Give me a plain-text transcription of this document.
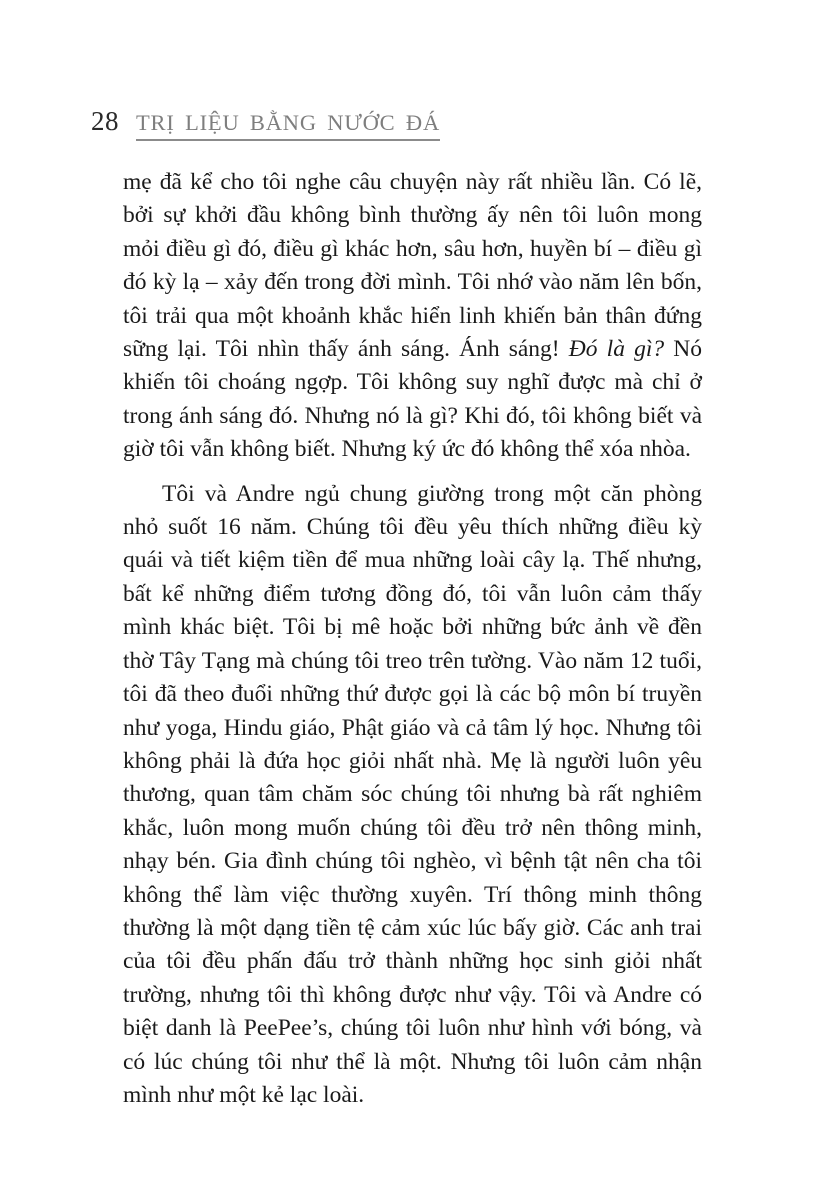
28 TRỊ LIỆU BẰNG NƯỚC ĐÁ

mẹ đã kể cho tôi nghe câu chuyện này rất nhiều lần. Có lẽ, bởi sự khởi đầu không bình thường ấy nên tôi luôn mong mỏi điều gì đó, điều gì khác hơn, sâu hơn, huyền bí – điều gì đó kỳ lạ – xảy đến trong đời mình. Tôi nhớ vào năm lên bốn, tôi trải qua một khoảnh khắc hiển linh khiến bản thân đứng sững lại. Tôi nhìn thấy ánh sáng. Ánh sáng! Đó là gì? Nó khiến tôi choáng ngợp. Tôi không suy nghĩ được mà chỉ ở trong ánh sáng đó. Nhưng nó là gì? Khi đó, tôi không biết và giờ tôi vẫn không biết. Nhưng ký ức đó không thể xóa nhòa.

Tôi và Andre ngủ chung giường trong một căn phòng nhỏ suốt 16 năm. Chúng tôi đều yêu thích những điều kỳ quái và tiết kiệm tiền để mua những loài cây lạ. Thế nhưng, bất kể những điểm tương đồng đó, tôi vẫn luôn cảm thấy mình khác biệt. Tôi bị mê hoặc bởi những bức ảnh về đền thờ Tây Tạng mà chúng tôi treo trên tường. Vào năm 12 tuổi, tôi đã theo đuổi những thứ được gọi là các bộ môn bí truyền như yoga, Hindu giáo, Phật giáo và cả tâm lý học. Nhưng tôi không phải là đứa học giỏi nhất nhà. Mẹ là người luôn yêu thương, quan tâm chăm sóc chúng tôi nhưng bà rất nghiêm khắc, luôn mong muốn chúng tôi đều trở nên thông minh, nhạy bén. Gia đình chúng tôi nghèo, vì bệnh tật nên cha tôi không thể làm việc thường xuyên. Trí thông minh thông thường là một dạng tiền tệ cảm xúc lúc bấy giờ. Các anh trai của tôi đều phấn đấu trở thành những học sinh giỏi nhất trường, nhưng tôi thì không được như vậy. Tôi và Andre có biệt danh là PeePee’s, chúng tôi luôn như hình với bóng, và có lúc chúng tôi như thể là một. Nhưng tôi luôn cảm nhận mình như một kẻ lạc loài.
